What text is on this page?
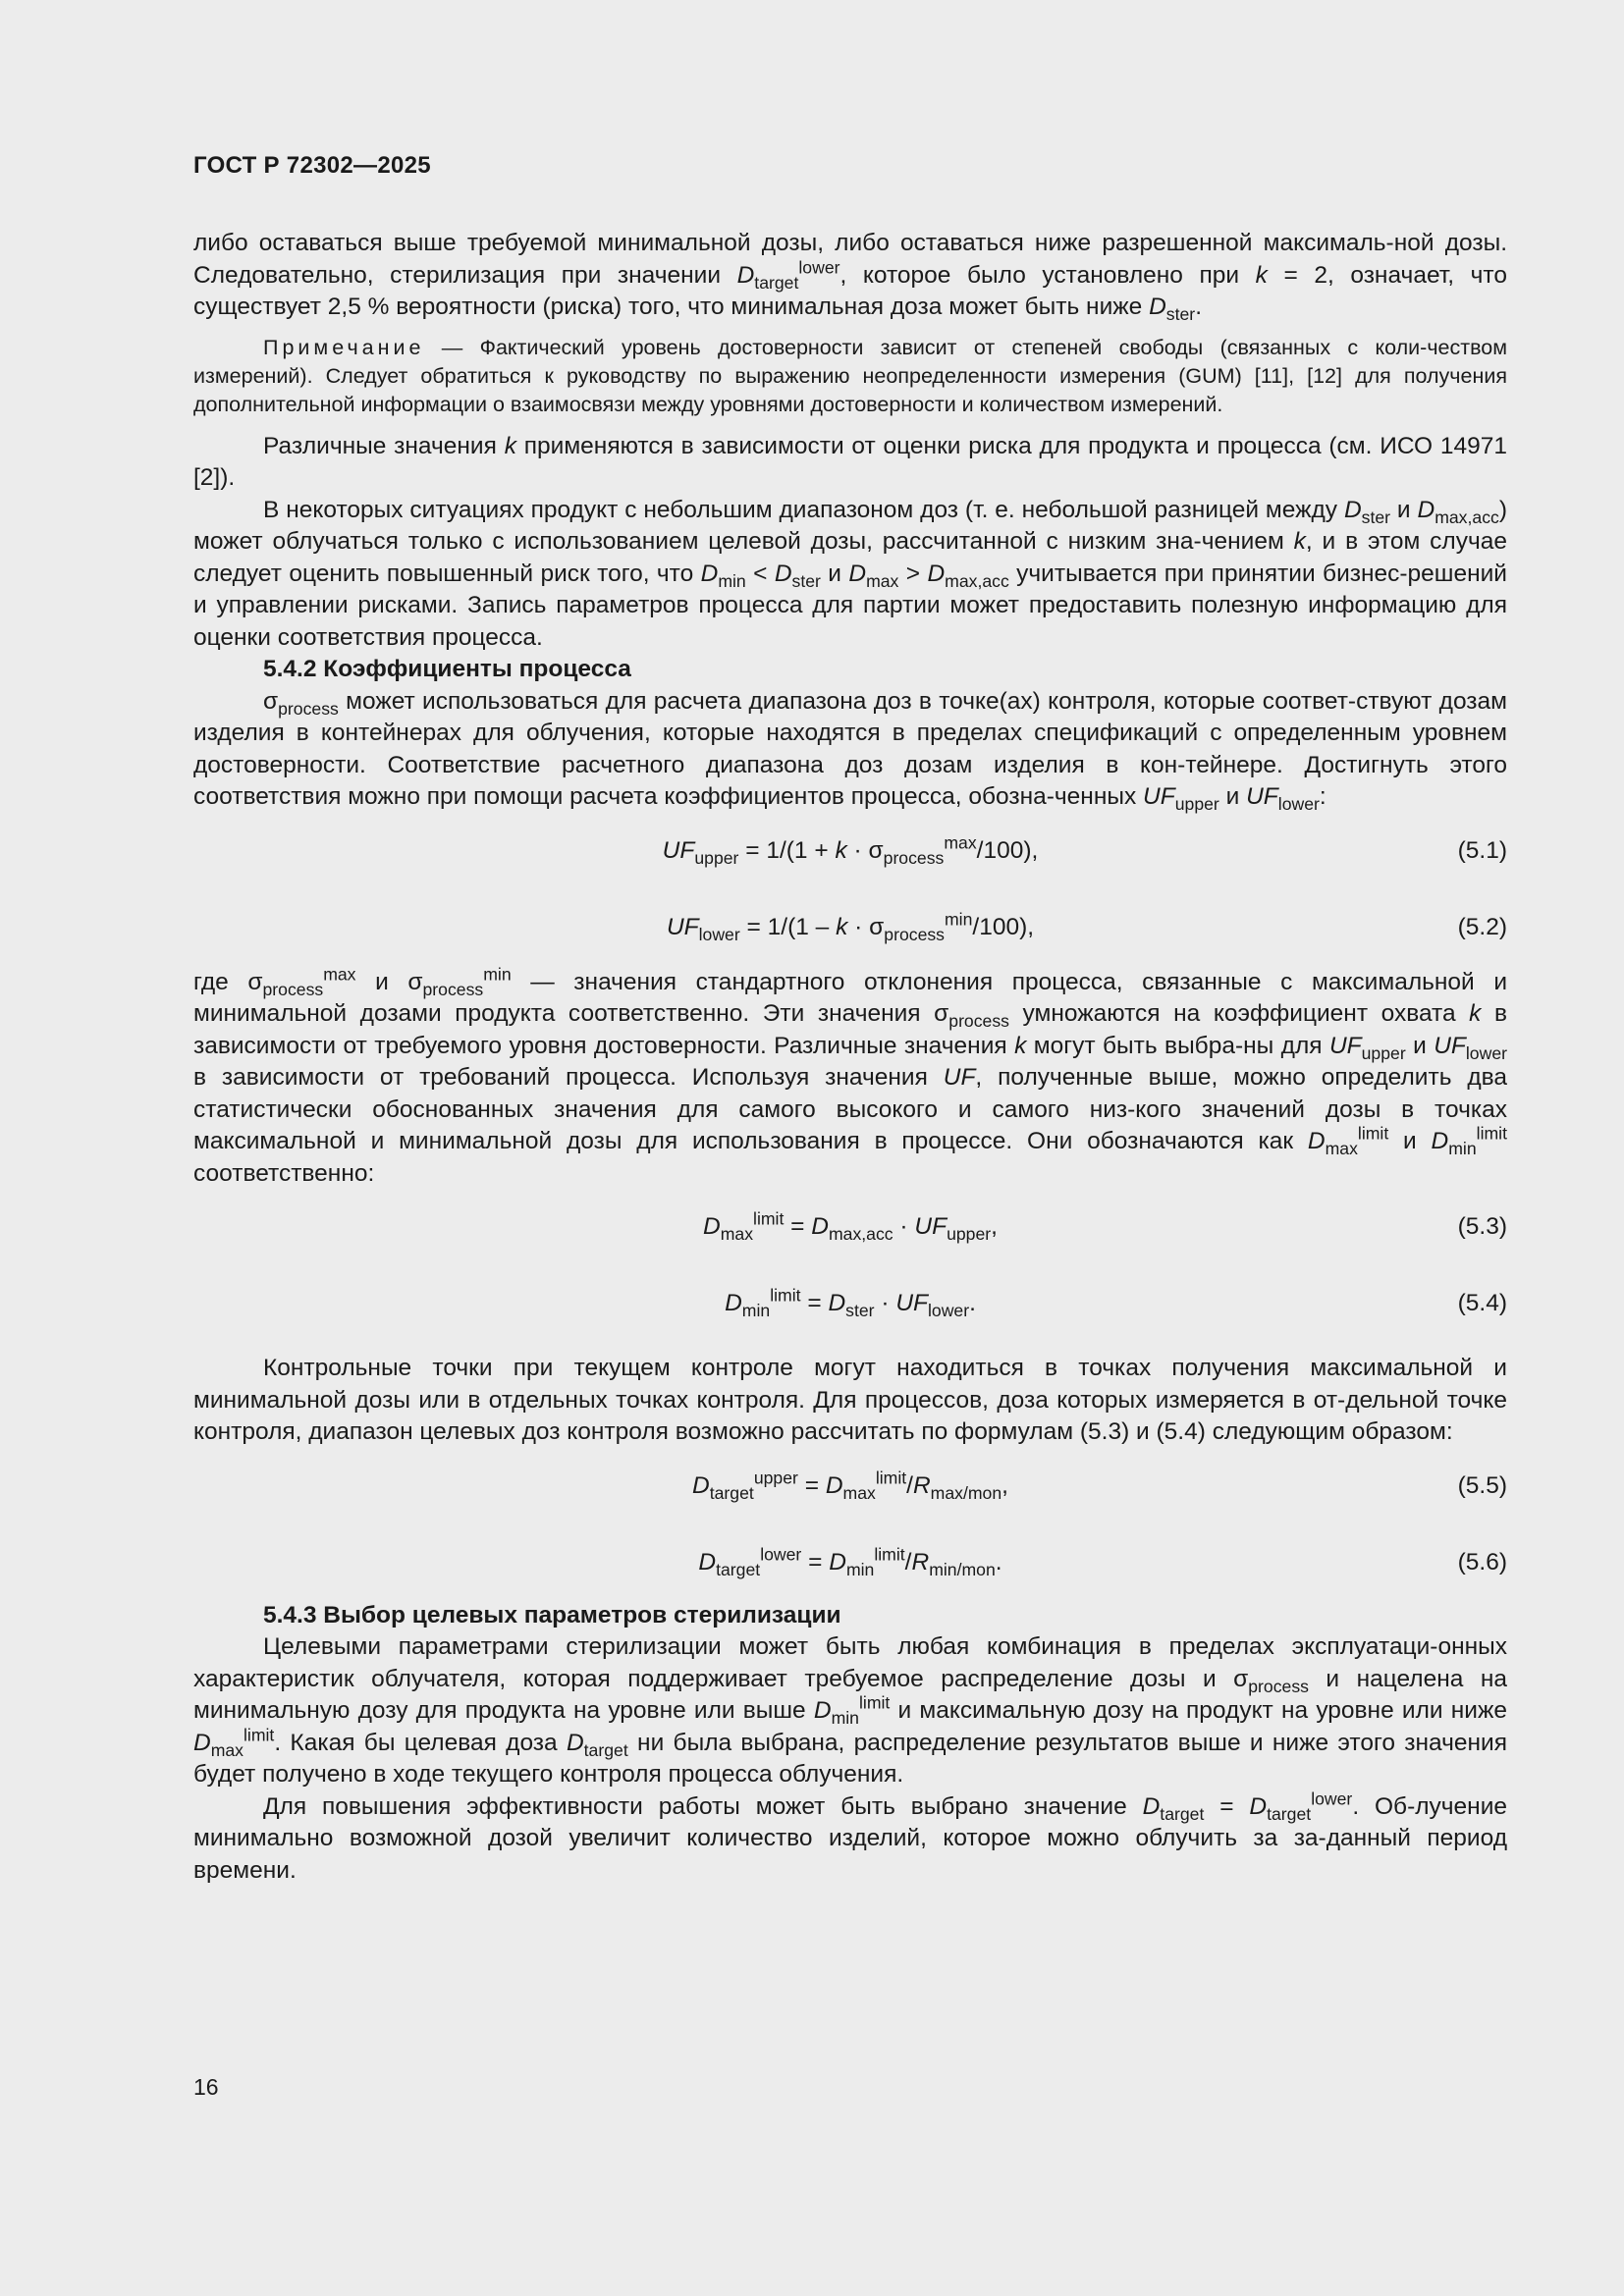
ГОСТ Р 72302—2025

либо оставаться выше требуемой минимальной дозы, либо оставаться ниже разрешенной максималь-ной дозы. Следовательно, стерилизация при значении $D_{target}^{lower}$, которое было установлено при k = 2, означает, что существует 2,5 % вероятности (риска) того, что минимальная доза может быть ниже $D_{ster}$.

Примечание — Фактический уровень достоверности зависит от степеней свободы (связанных с коли-чеством измерений). Следует обратиться к руководству по выражению неопределенности измерения (GUM) [11], [12] для получения дополнительной информации о взаимосвязи между уровнями достоверности и количеством измерений.

Различные значения k применяются в зависимости от оценки риска для продукта и процесса (см. ИСО 14971 [2]).

В некоторых ситуациях продукт с небольшим диапазоном доз (т. е. небольшой разницей между $D_{ster}$ и $D_{max,acc}$) может облучаться только с использованием целевой дозы, рассчитанной с низким зна-чением k, и в этом случае следует оценить повышенный риск того, что $D_{min} < D_{ster}$ и $D_{max} > D_{max,acc}$ учитывается при принятии бизнес-решений и управлении рисками. Запись параметров процесса для партии может предоставить полезную информацию для оценки соответствия процесса.

5.4.2 Коэффициенты процесса

$\sigma_{process}$ может использоваться для расчета диапазона доз в точке(ах) контроля, которые соответ-ствуют дозам изделия в контейнерах для облучения, которые находятся в пределах спецификаций с определенным уровнем достоверности. Соответствие расчетного диапазона доз дозам изделия в кон-тейнере. Достигнуть этого соответствия можно при помощи расчета коэффициентов процесса, обозна-ченных $UF_{upper}$ и $UF_{lower}$:

$UF_{upper} = 1/(1 + k \cdot \sigma_{process}^{max}/100)$,	(5.1)
$UF_{lower} = 1/(1 - k \cdot \sigma_{process}^{min}/100)$,	(5.2)

где $\sigma_{process}^{max}$ и $\sigma_{process}^{min}$ — значения стандартного отклонения процесса, связанные с максимальной и минимальной дозами продукта соответственно. Эти значения $\sigma_{process}$ умножаются на коэффициент охвата k в зависимости от требуемого уровня достоверности. Различные значения k могут быть выбра-ны для $UF_{upper}$ и $UF_{lower}$ в зависимости от требований процесса. Используя значения UF, полученные выше, можно определить два статистически обоснованных значения для самого высокого и самого низ-кого значений дозы в точках максимальной и минимальной дозы для использования в процессе. Они обозначаются как $D_{max}^{limit}$ и $D_{min}^{limit}$ соответственно:

$D_{max}^{limit} = D_{max,acc} \cdot UF_{upper}$,	(5.3)
$D_{min}^{limit} = D_{ster} \cdot UF_{lower}$.	(5.4)

Контрольные точки при текущем контроле могут находиться в точках получения максимальной и минимальной дозы или в отдельных точках контроля. Для процессов, доза которых измеряется в от-дельной точке контроля, диапазон целевых доз контроля возможно рассчитать по формулам (5.3) и (5.4) следующим образом:

$D_{target}^{upper} = D_{max}^{limit}/R_{max/mon}$,	(5.5)
$D_{target}^{lower} = D_{min}^{limit}/R_{min/mon}$.	(5.6)

5.4.3 Выбор целевых параметров стерилизации

Целевыми параметрами стерилизации может быть любая комбинация в пределах эксплуатаци-онных характеристик облучателя, которая поддерживает требуемое распределение дозы и $\sigma_{process}$ и нацелена на минимальную дозу для продукта на уровне или выше $D_{min}^{limit}$ и максимальную дозу на продукт на уровне или ниже $D_{max}^{limit}$. Какая бы целевая доза $D_{target}$ ни была выбрана, распределение результатов выше и ниже этого значения будет получено в ходе текущего контроля процесса облучения.

Для повышения эффективности работы может быть выбрано значение $D_{target} = D_{target}^{lower}$. Об-лучение минимально возможной дозой увеличит количество изделий, которое можно облучить за за-данный период времени.

16
